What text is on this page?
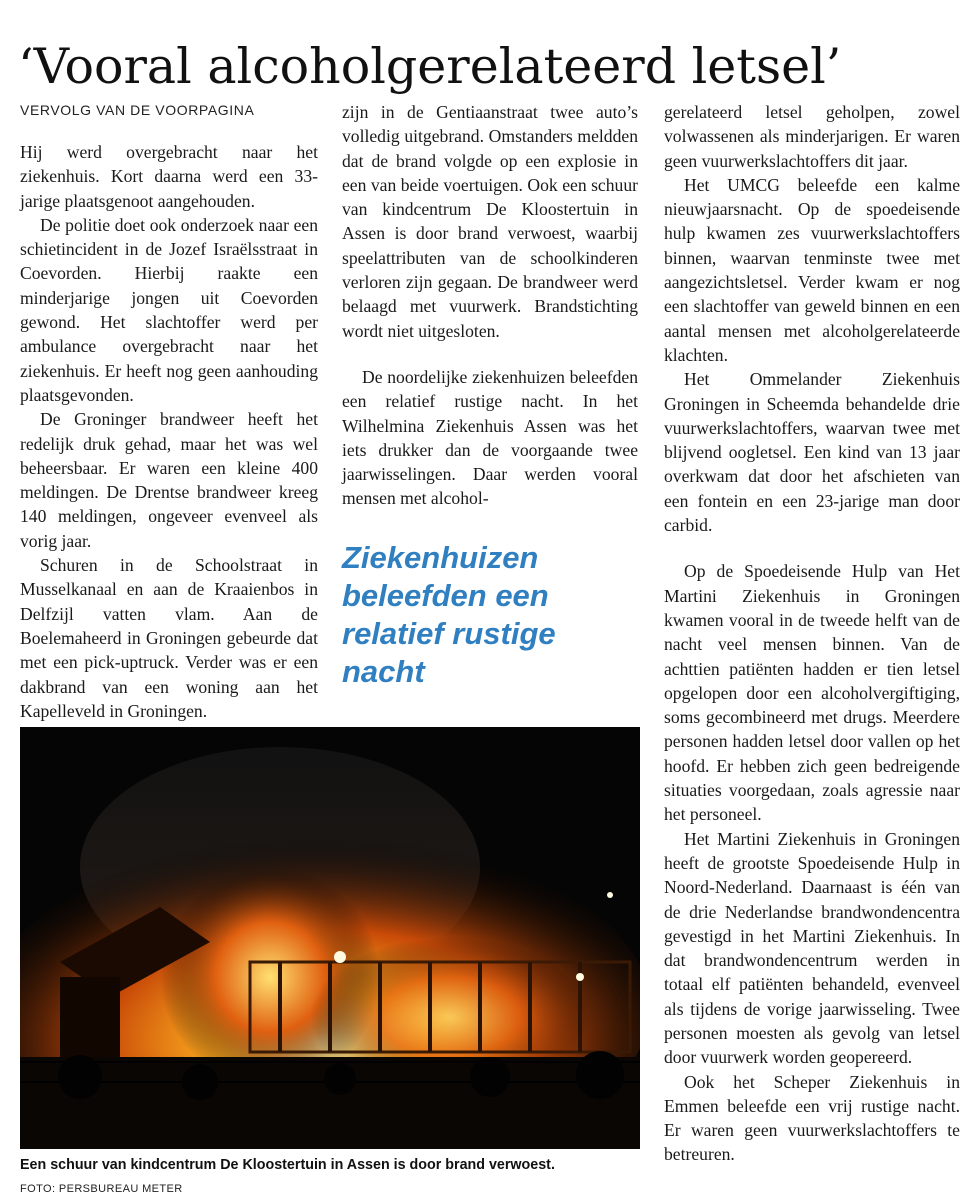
‘Vooral alcoholgerelateerd letsel’
VERVOLG VAN DE VOORPAGINA

Hij werd overgebracht naar het ziekenhuis. Kort daarna werd een 33-jarige plaatsgenoot aangehouden.

De politie doet ook onderzoek naar een schietincident in de Jozef Israëlsstraat in Coevorden. Hierbij raakte een minderjarige jongen uit Coevorden gewond. Het slachtoffer werd per ambulance overgebracht naar het ziekenhuis. Er heeft nog geen aanhouding plaatsgevonden.

De Groninger brandweer heeft het redelijk druk gehad, maar het was wel beheersbaar. Er waren een kleine 400 meldingen. De Drentse brandweer kreeg 140 meldingen, ongeveer evenveel als vorig jaar.

Schuren in de Schoolstraat in Musselkanaal en aan de Kraaienbos in Delfzijl vatten vlam. Aan de Boelemaheerd in Groningen gebeurde dat met een pick-uptruck. Verder was er een dakbrand van een woning aan het Kapelleveld in Groningen.

zijn in de Gentiaanstraat twee auto’s volledig uitgebrand. Omstanders meldden dat de brand volgde op een explosie in een van beide voertuigen. Ook een schuur van kindcentrum De Kloostertuin in Assen is door brand verwoest, waarbij speelattributen van de schoolkinderen verloren zijn gegaan. De brandweer werd belaagd met vuurwerk. Brandstichting wordt niet uitgesloten.

De noordelijke ziekenhuizen beleefden een relatief rustige nacht. In het Wilhelmina Ziekenhuis Assen was het iets drukker dan de voorgaande twee jaarwisselingen. Daar werden vooral mensen met alcohol-

Ziekenhuizen beleefden een relatief rustige nacht

gerelateerd letsel geholpen, zowel volwassenen als minderjarigen. Er waren geen vuurwerkslachtoffers dit jaar.

Het UMCG beleefde een kalme nieuwjaarsnacht. Op de spoedeisende hulp kwamen zes vuurwerkslachtoffers binnen, waarvan tenminste twee met aangezichtsletsel. Verder kwam er nog een slachtoffer van geweld binnen en een aantal mensen met alcoholgerelateerde klachten.

Het Ommelander Ziekenhuis Groningen in Scheemda behandelde drie vuurwerkslachtoffers, waarvan twee met blijvend oogletsel. Een kind van 13 jaar overkwam dat door het afschieten van een fontein en een 23-jarige man door carbid.

Op de Spoedeisende Hulp van Het Martini Ziekenhuis in Groningen kwamen vooral in de tweede helft van de nacht veel mensen binnen. Van de achttien patiënten hadden er tien letsel opgelopen door een alcoholvergiftiging, soms gecombineerd met drugs. Meerdere personen hadden letsel door vallen op het hoofd. Er hebben zich geen bedreigende situaties voorgedaan, zoals agressie naar het personeel.

Het Martini Ziekenhuis in Groningen heeft de grootste Spoedeisende Hulp in Noord-Nederland. Daarnaast is één van de drie Nederlandse brandwondencentra gevestigd in het Martini Ziekenhuis. In dat brandwondencentrum werden in totaal elf patiënten behandeld, evenveel als tijdens de vorige jaarwisseling. Twee personen moesten als gevolg van letsel door vuurwerk worden geopereerd.

Ook het Scheper Ziekenhuis in Emmen beleefde een vrij rustige nacht. Er waren geen vuurwerkslachtoffers te betreuren.

Een schuur van kindcentrum De Kloostertuin in Assen is door brand verwoest.
FOTO: PERSBUREAU METER
